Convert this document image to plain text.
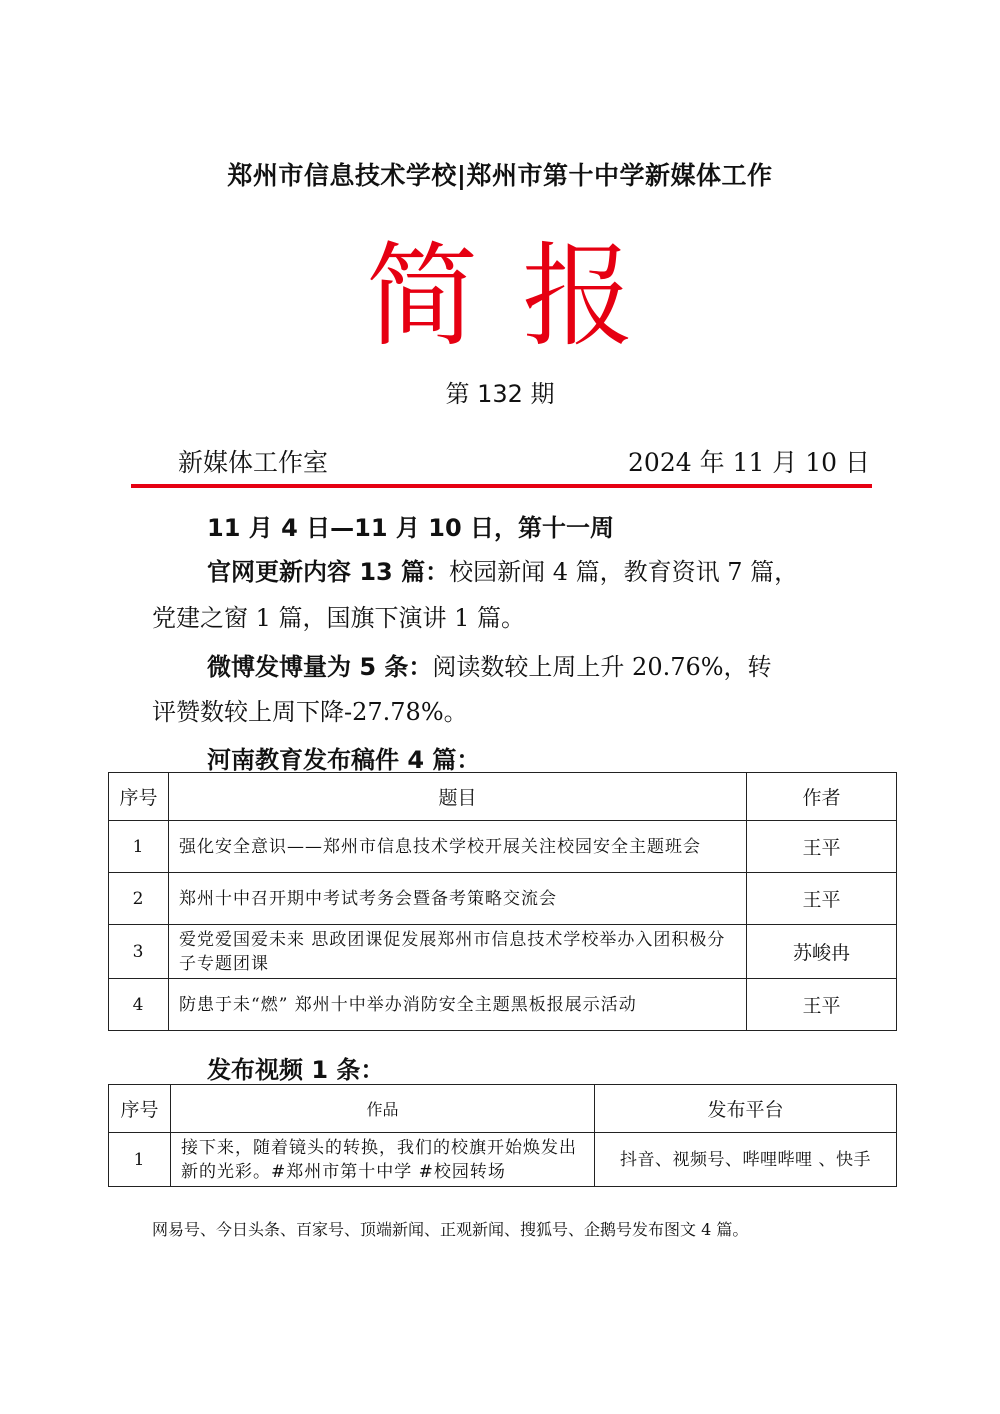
郑州市信息技术学校|郑州市第十中学新媒体工作
简报
第 132 期
新媒体工作室	2024 年 11 月 10 日
11 月 4 日—11 月 10 日，第十一周
官网更新内容 13 篇：校园新闻 4 篇，教育资讯 7 篇，
党建之窗 1 篇，国旗下演讲 1 篇。
微博发博量为 5 条：阅读数较上周上升 20.76%，转
评赞数较上周下降-27.78%。
河南教育发布稿件 4 篇：
序号	题目	作者
1	强化安全意识——郑州市信息技术学校开展关注校园安全主题班会	王平
2	郑州十中召开期中考试考务会暨备考策略交流会	王平
3	爱党爱国爱未来 思政团课促发展郑州市信息技术学校举办入团积极分子专题团课	苏峻冉
4	防患于未“燃” 郑州十中举办消防安全主题黑板报展示活动	王平
发布视频 1 条：
序号	作品	发布平台
1	接下来，随着镜头的转换，我们的校旗开始焕发出新的光彩。#郑州市第十中学 #校园转场	抖音、视频号、哔哩哔哩 、快手
网易号、今日头条、百家号、顶端新闻、正观新闻、搜狐号、企鹅号发布图文 4 篇。
